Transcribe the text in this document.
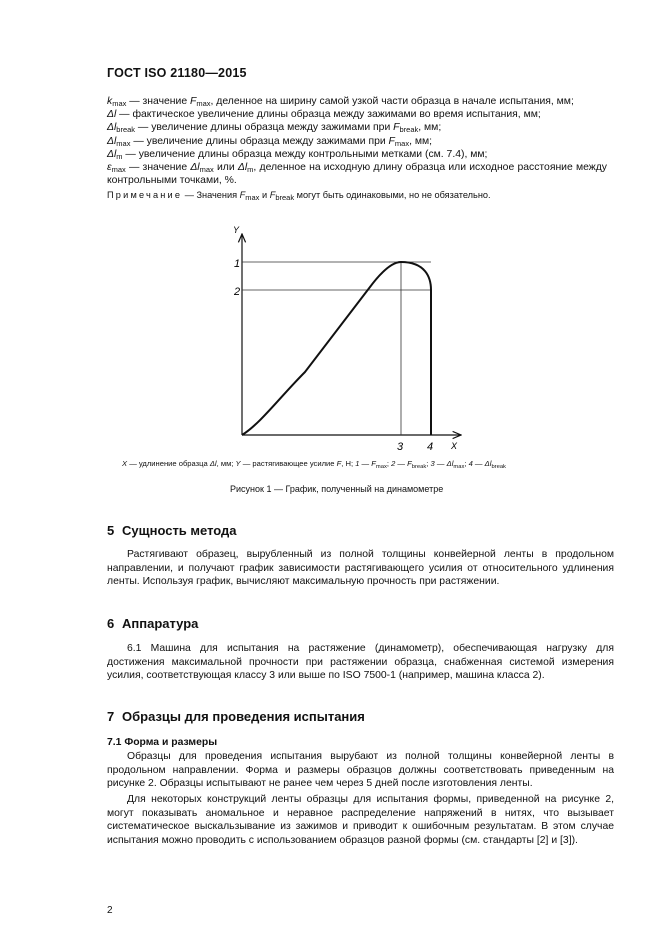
ГОСТ ISO 21180—2015
$k_{max}$ — значение $F_{max}$, деленное на ширину самой узкой части образца в начале испытания, мм;
Δl — фактическое увеличение длины образца между зажимами во время испытания, мм;
$\Delta l_{break}$ — увеличение длины образца между зажимами при $F_{break}$, мм;
$\Delta l_{max}$ — увеличение длины образца между зажимами при $F_{max}$, мм;
$\Delta l_m$ — увеличение длины образца между контрольными метками (см. 7.4), мм;
$\varepsilon_{max}$ — значение $\Delta l_{max}$ или $\Delta l_m$, деленное на исходную длину образца или исходное расстояние между контрольными точками, %.
Примечание — Значения $F_{max}$ и $F_{break}$ могут быть одинаковыми, но не обязательно.
Y
X
1
2
3 4
X — удлинение образца Δl, мм; Y — растягивающее усилие F, Н; 1 — $F_{max}$; 2 — $F_{break}$; 3 — $\Delta l_{max}$; 4 — $\Delta l_{break}$
Рисунок 1 — График, полученный на динамометре
5 Сущность метода
Растягивают образец, вырубленный из полной толщины конвейерной ленты в продольном направлении, и получают график зависимости растягивающего усилия от относительного удлинения ленты. Используя график, вычисляют максимальную прочность при растяжении.
6 Аппаратура
6.1 Машина для испытания на растяжение (динамометр), обеспечивающая нагрузку для достижения максимальной прочности при растяжении образца, снабженная системой измерения усилия, соответствующая классу 3 или выше по ISO 7500-1 (например, машина класса 2).
7 Образцы для проведения испытания
7.1 Форма и размеры
Образцы для проведения испытания вырубают из полной толщины конвейерной ленты в продольном направлении. Форма и размеры образцов должны соответствовать приведенным на рисунке 2. Образцы испытывают не ранее чем через 5 дней после изготовления ленты.
Для некоторых конструкций ленты образцы для испытания формы, приведенной на рисунке 2, могут показывать аномальное и неравное распределение напряжений в нитях, что вызывает систематическое выскальзывание из зажимов и приводит к ошибочным результатам. В этом случае испытания можно проводить с использованием образцов разной формы (см. стандарты [2] и [3]).
2
